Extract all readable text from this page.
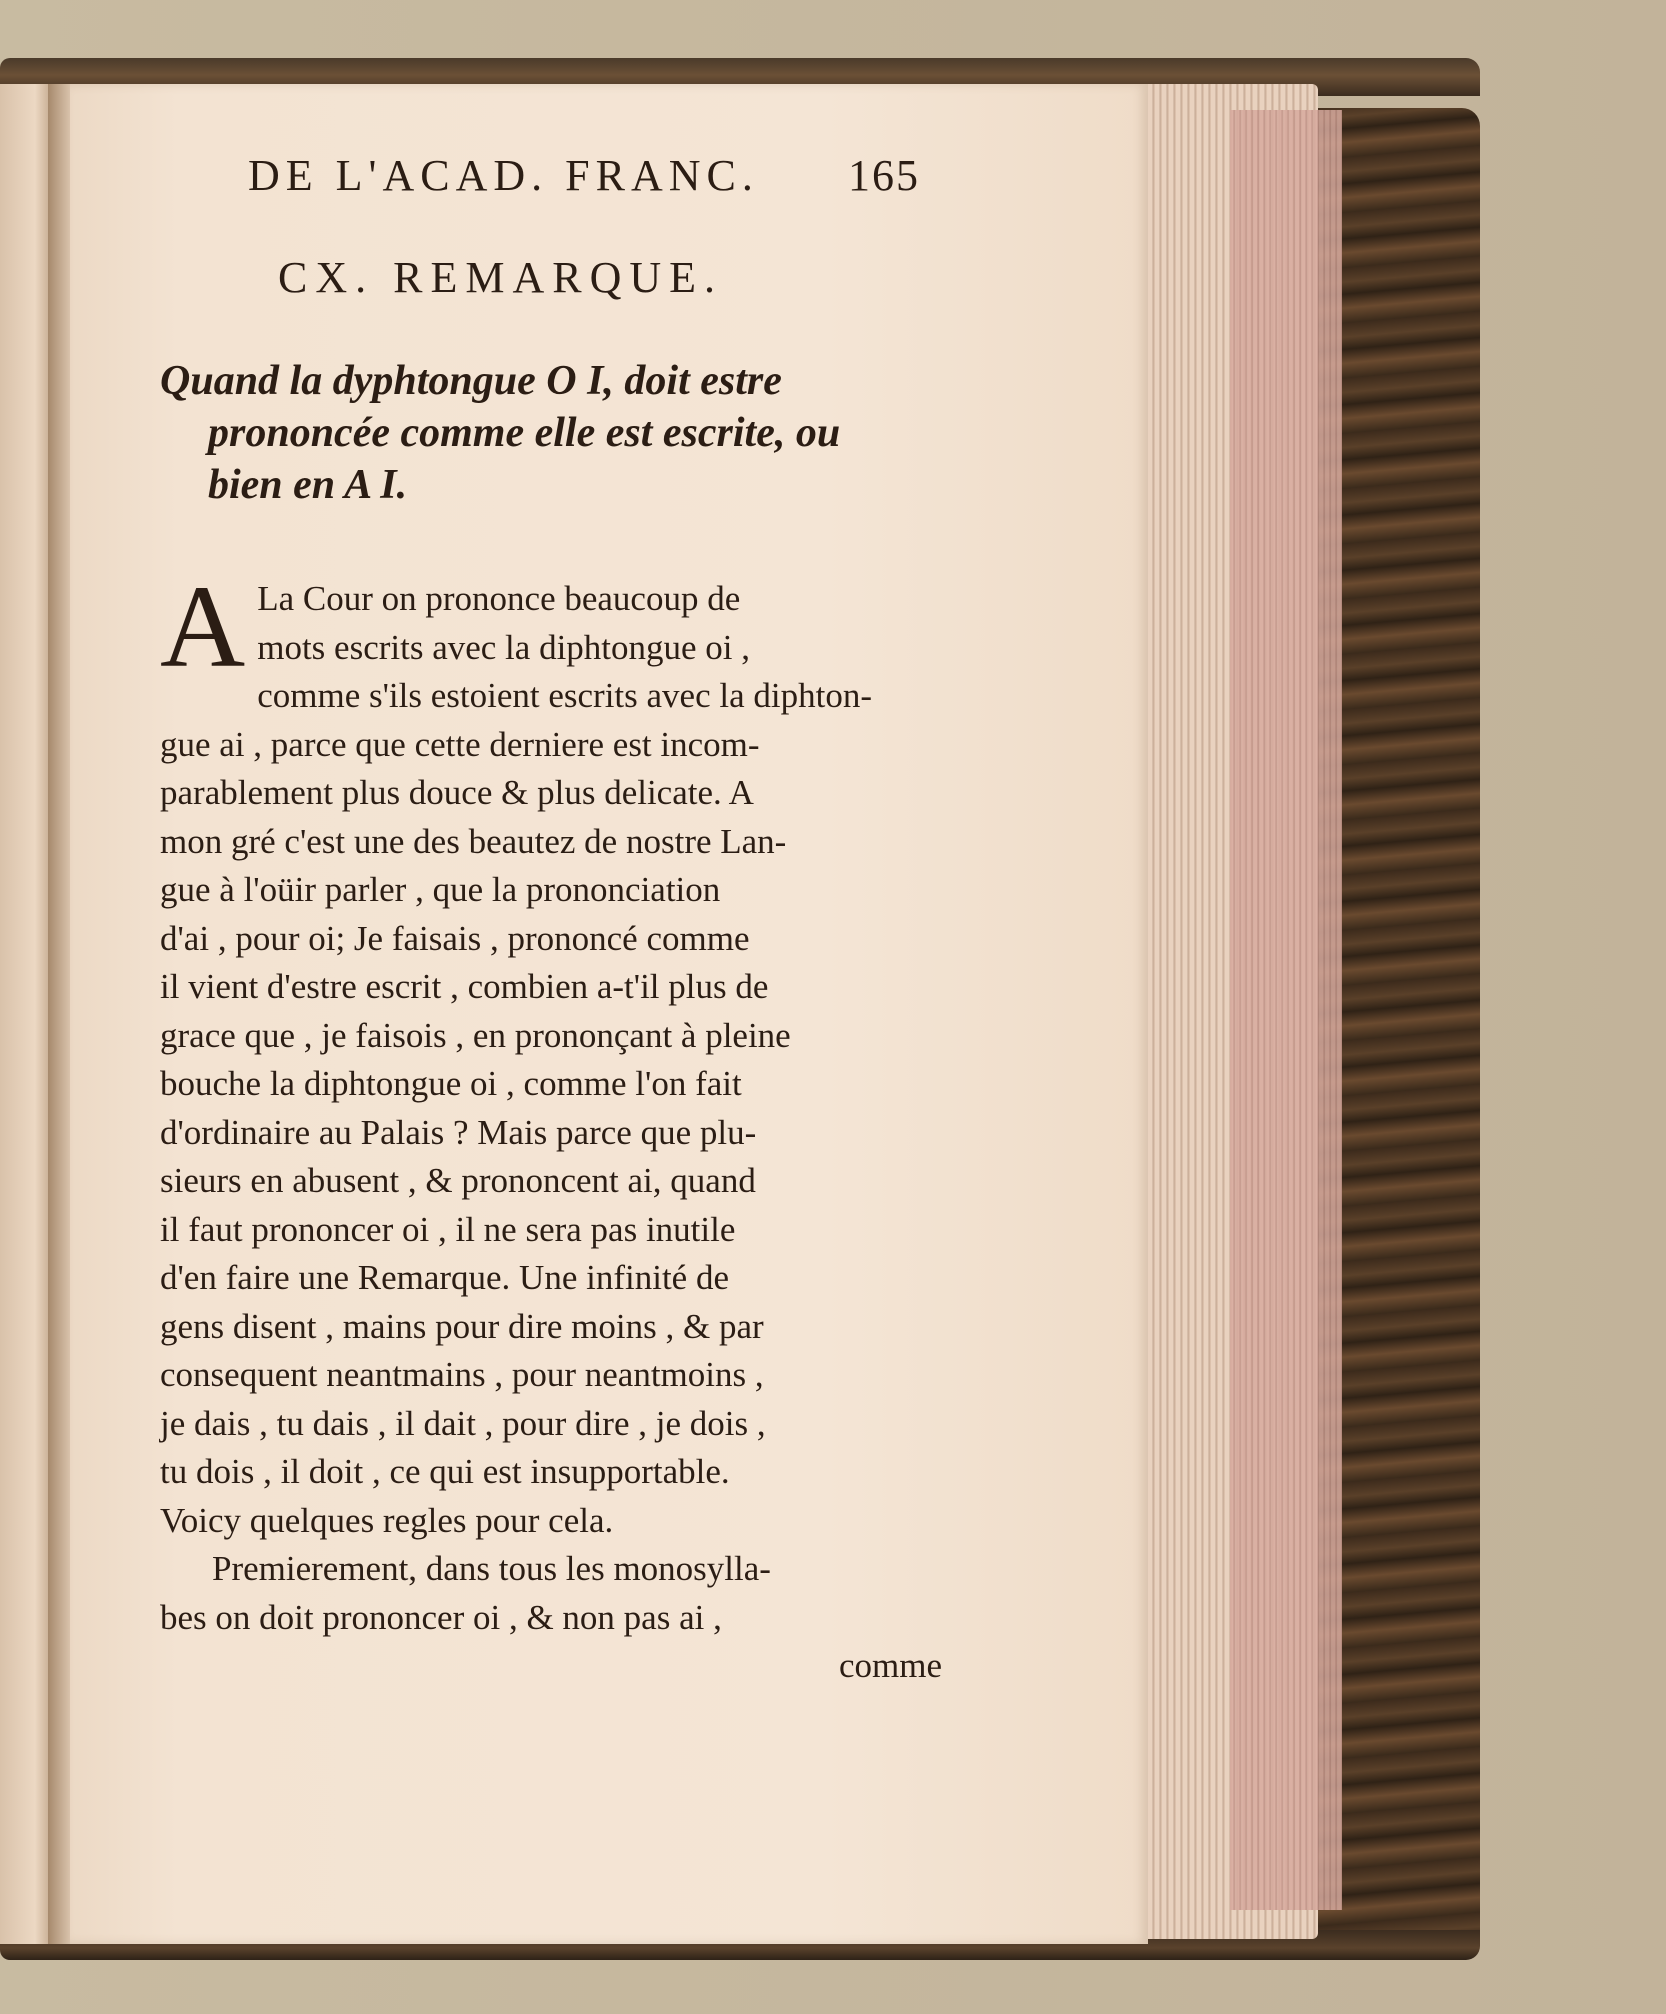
DE L'ACAD. FRANC. 165
CX. REMARQUE.
Quand la dyphtongue O I, doit estre
prononcée comme elle est escrite, ou
bien en A I.
A La Cour on prononce beaucoup de
mots escrits avec la diphtongue oi ,
comme s'ils estoient escrits avec la diphton-
gue ai , parce que cette derniere est incom-
parablement plus douce & plus delicate. A
mon gré c'est une des beautez de nostre Lan-
gue à l'oüir parler , que la prononciation
d'ai , pour oi; Je faisais , prononcé comme
il vient d'estre escrit , combien a-t'il plus de
grace que , je faisois , en prononçant à pleine
bouche la diphtongue oi , comme l'on fait
d'ordinaire au Palais ? Mais parce que plu-
sieurs en abusent , & prononcent ai, quand
il faut prononcer oi , il ne sera pas inutile
d'en faire une Remarque. Une infinité de
gens disent , mains pour dire moins , & par
consequent neantmains , pour neantmoins ,
je dais , tu dais , il dait , pour dire , je dois ,
tu dois , il doit , ce qui est insupportable.
Voicy quelques regles pour cela.
Premierement, dans tous les monosylla-
bes on doit prononcer oi , & non pas ai ,
comme
